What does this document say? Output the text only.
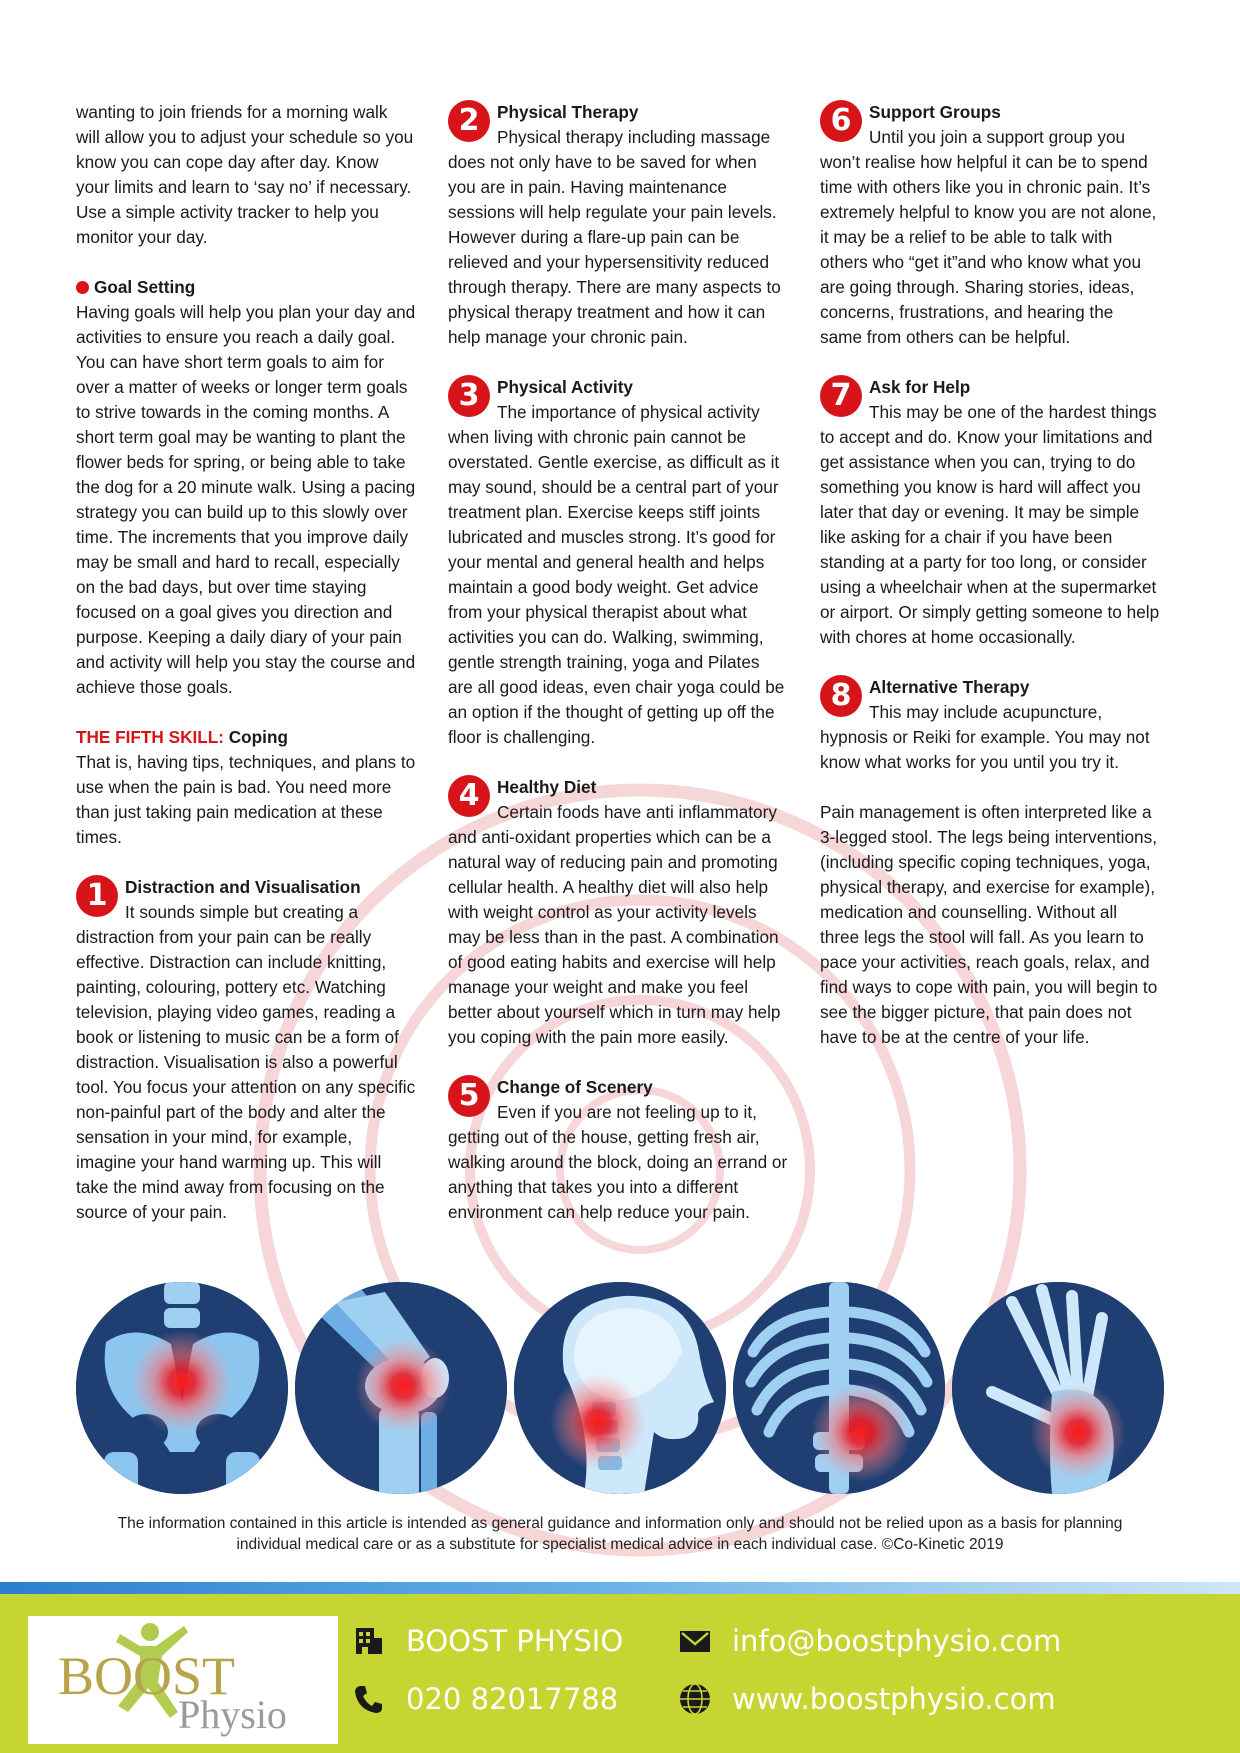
wanting to join friends for a morning walk will allow you to adjust your schedule so you know you can cope day after day. Know your limits and learn to ‘say no’ if necessary. Use a simple activity tracker to help you monitor your day.

Goal Setting

Having goals will help you plan your day and activities to ensure you reach a daily goal. You can have short term goals to aim for over a matter of weeks or longer term goals to strive towards in the coming months. A short term goal may be wanting to plant the flower beds for spring, or being able to take the dog for a 20 minute walk. Using a pacing strategy you can build up to this slowly over time. The increments that you improve daily may be small and hard to recall, especially on the bad days, but over time staying focused on a goal gives you direction and purpose. Keeping a daily diary of your pain and activity will help you stay the course and achieve those goals.

THE FIFTH SKILL: Coping

That is, having tips, techniques, and plans to use when the pain is bad. You need more than just taking pain medication at these times.

1	Distraction and Visualisation
It sounds simple but creating a distraction from your pain can be really effective. Distraction can include knitting, painting, colouring, pottery etc. Watching television, playing video games, reading a book or listening to music can be a form of distraction. Visualisation is also a powerful tool. You focus your attention on any specific non-painful part of the body and alter the sensation in your mind, for example, imagine your hand warming up. This will take the mind away from focusing on the source of your pain.
2	Physical Therapy
Physical therapy including massage does not only have to be saved for when you are in pain. Having maintenance sessions will help regulate your pain levels. However during a flare-up pain can be relieved and your hypersensitivity reduced through therapy. There are many aspects to physical therapy treatment and how it can help manage your chronic pain.
3	Physical Activity
The importance of physical activity when living with chronic pain cannot be overstated. Gentle exercise, as difficult as it may sound, should be a central part of your treatment plan. Exercise keeps stiff joints lubricated and muscles strong. It’s good for your mental and general health and helps maintain a good body weight. Get advice from your physical therapist about what activities you can do. Walking, swimming, gentle strength training, yoga and Pilates are all good ideas, even chair yoga could be an option if the thought of getting up off the floor is challenging.
4	Healthy Diet
Certain foods have anti inflammatory and anti-oxidant properties which can be a natural way of reducing pain and promoting cellular health. A healthy diet will also help with weight control as your activity levels may be less than in the past. A combination of good eating habits and exercise will help manage your weight and make you feel better about yourself which in turn may help you coping with the pain more easily.
5	Change of Scenery
Even if you are not feeling up to it, getting out of the house, getting fresh air, walking around the block, doing an errand or anything that takes you into a different environment can help reduce your pain.
6	Support Groups
Until you join a support group you won’t realise how helpful it can be to spend time with others like you in chronic pain. It’s extremely helpful to know you are not alone, it may be a relief to be able to talk with others who “get it”and who know what you are going through. Sharing stories, ideas, concerns, frustrations, and hearing the same from others can be helpful.
7	Ask for Help
This may be one of the hardest things to accept and do. Know your limitations and get assistance when you can, trying to do something you know is hard will affect you later that day or evening. It may be simple like asking for a chair if you have been standing at a party for too long, or consider using a wheelchair when at the supermarket or airport. Or simply getting someone to help with chores at home occasionally.
8	Alternative Therapy
This may include acupuncture, hypnosis or Reiki for example. You may not know what works for you until you try it.

Pain management is often interpreted like a 3-legged stool. The legs being interventions, (including specific coping techniques, yoga, physical therapy, and exercise for example), medication and counselling. Without all three legs the stool will fall. As you learn to pace your activities, reach goals, relax, and find ways to cope with pain, you will begin to see the bigger picture, that pain does not have to be at the centre of your life.

The information contained in this article is intended as general guidance and information only and should not be relied upon as a basis for planning individual medical care or as a substitute for specialist medical advice in each individual case. ©Co-Kinetic 2019

BOOST
Physio
BOOST PHYSIO
020 82017788
info@boostphysio.com
www.boostphysio.com
